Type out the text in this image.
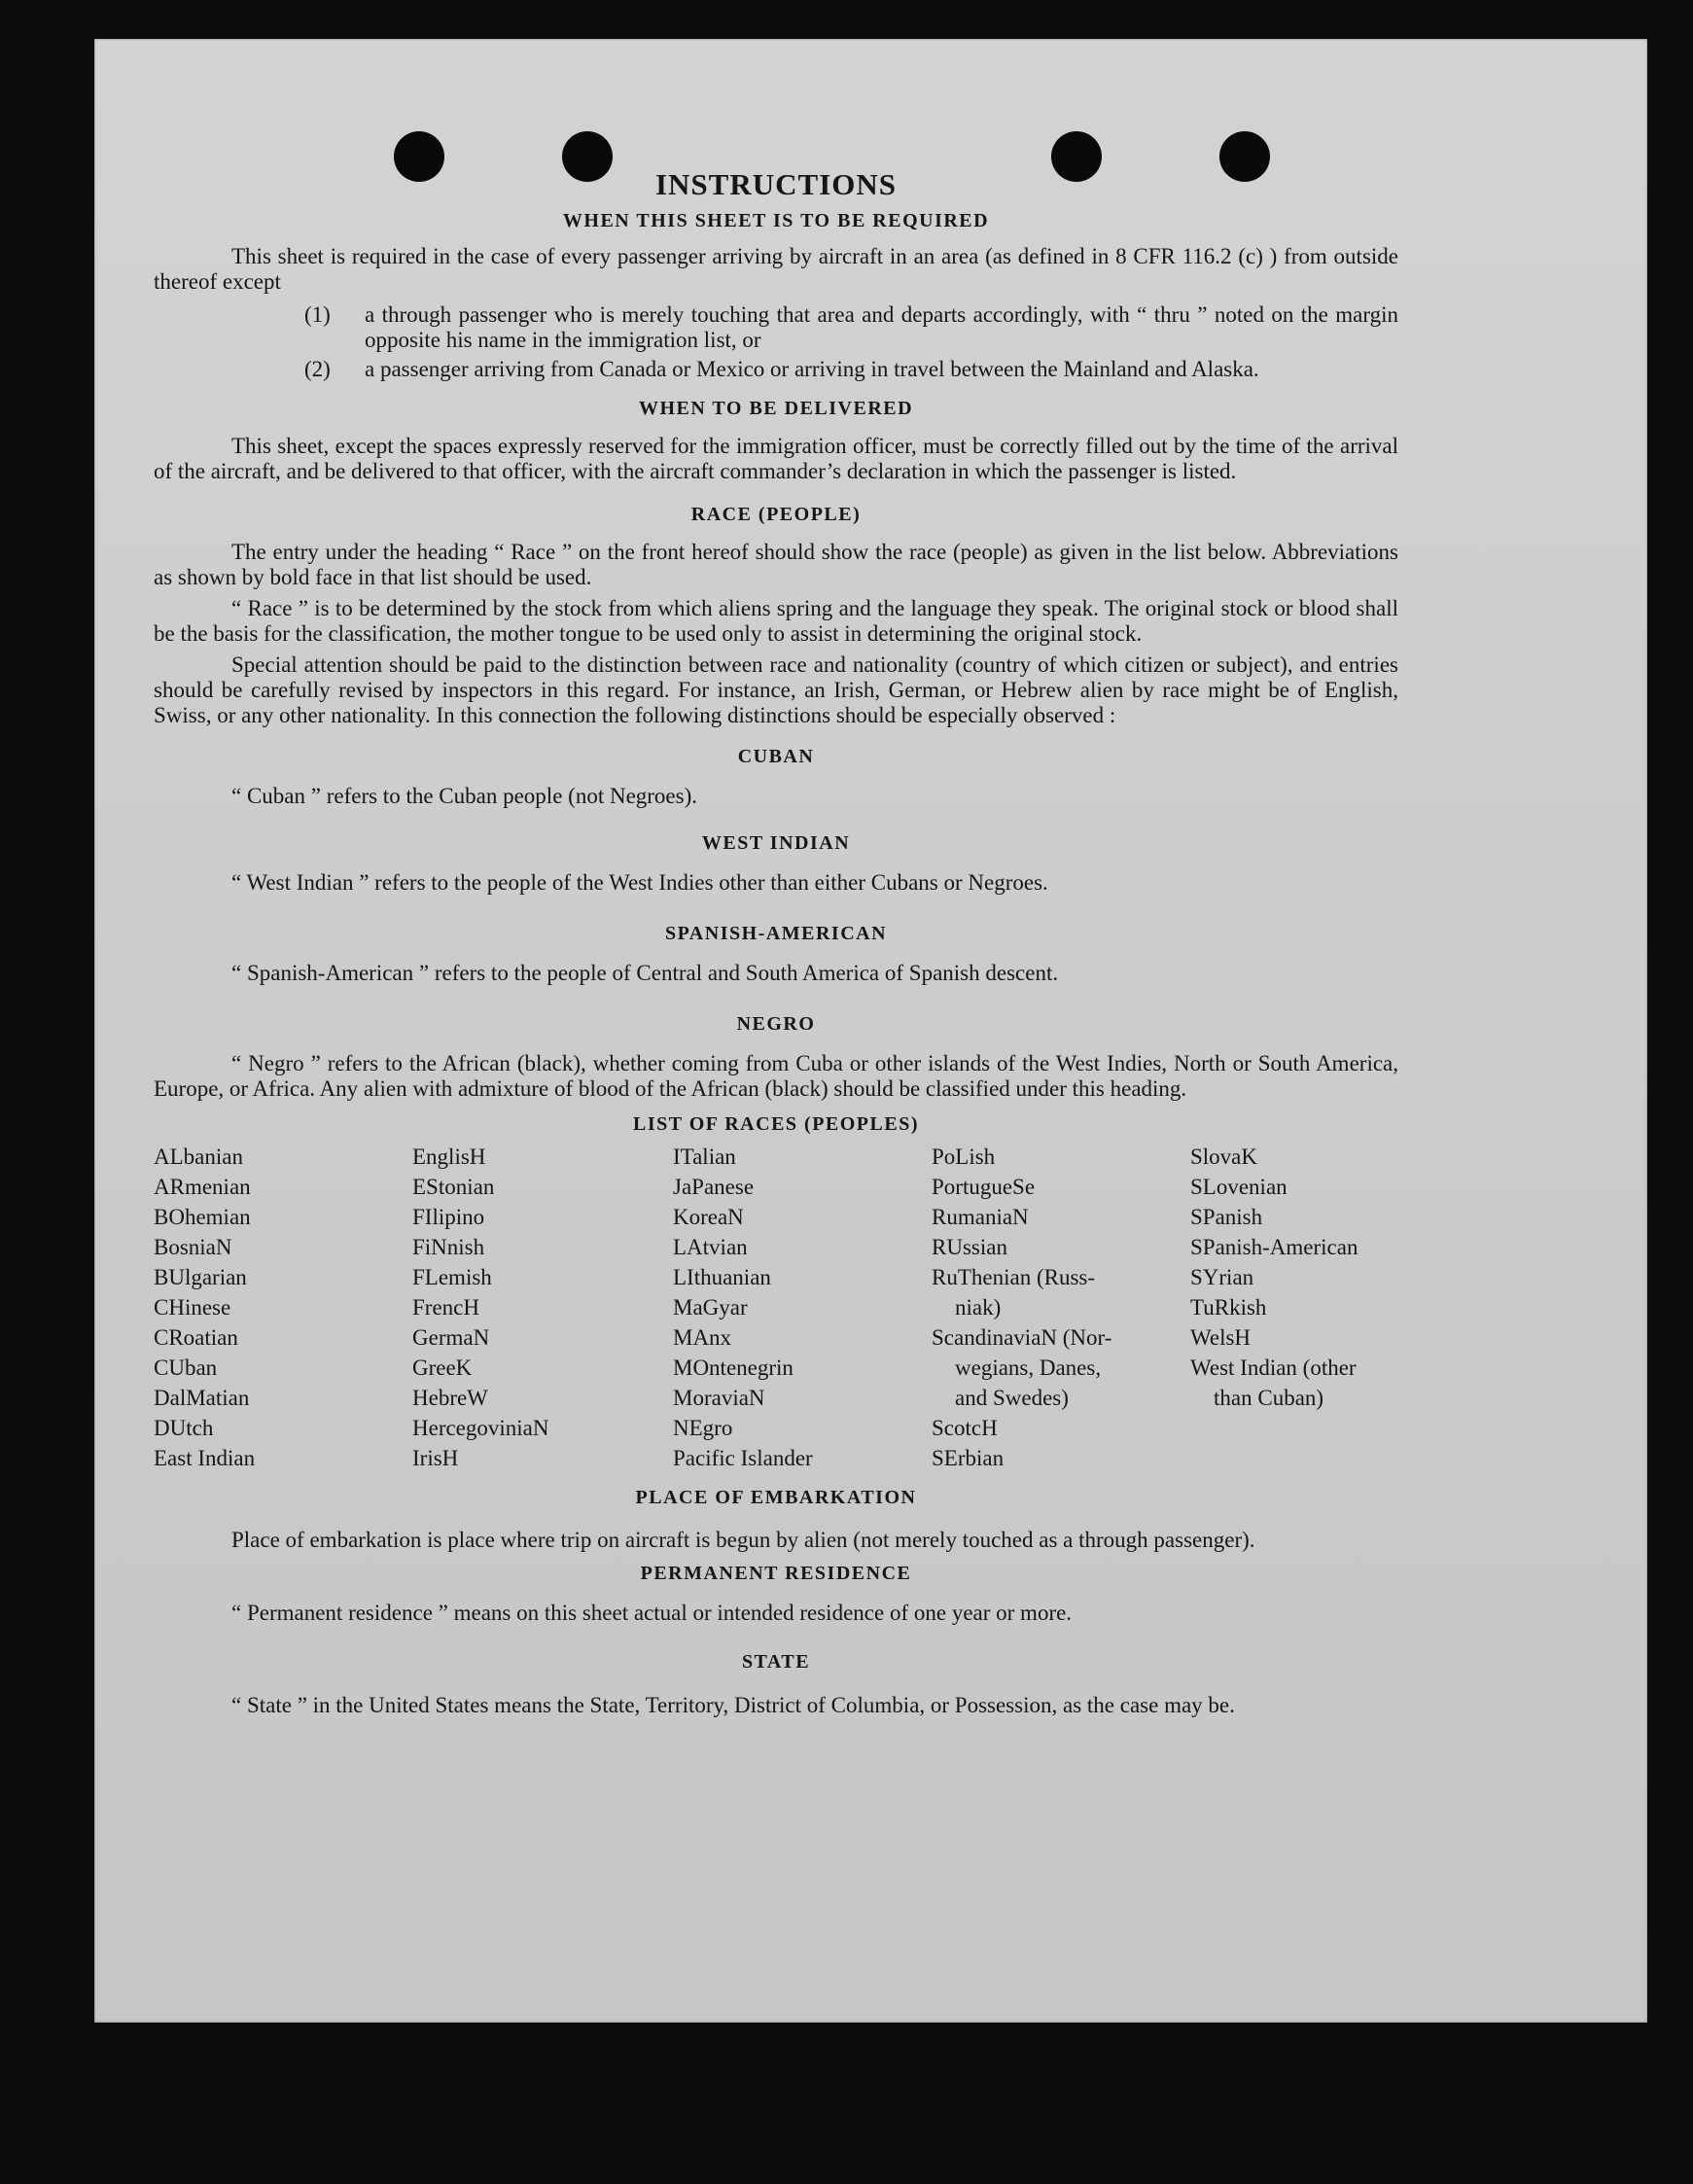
INSTRUCTIONS

WHEN THIS SHEET IS TO BE REQUIRED

This sheet is required in the case of every passenger arriving by aircraft in an area (as defined in 8 CFR 116.2 (c) ) from outside thereof except

(1) a through passenger who is merely touching that area and departs accordingly, with “ thru ” noted on the margin opposite his name in the immigration list, or

(2) a passenger arriving from Canada or Mexico or arriving in travel between the Mainland and Alaska.

WHEN TO BE DELIVERED

This sheet, except the spaces expressly reserved for the immigration officer, must be correctly filled out by the time of the arrival of the aircraft, and be delivered to that officer, with the aircraft commander’s declaration in which the passenger is listed.

RACE (PEOPLE)

The entry under the heading “ Race ” on the front hereof should show the race (people) as given in the list below. Abbreviations as shown by bold face in that list should be used.

“ Race ” is to be determined by the stock from which aliens spring and the language they speak. The original stock or blood shall be the basis for the classification, the mother tongue to be used only to assist in determining the original stock.

Special attention should be paid to the distinction between race and nationality (country of which citizen or subject), and entries should be carefully revised by inspectors in this regard. For instance, an Irish, German, or Hebrew alien by race might be of English, Swiss, or any other nationality. In this connection the following distinctions should be especially observed :

CUBAN

“ Cuban ” refers to the Cuban people (not Negroes).

WEST INDIAN

“ West Indian ” refers to the people of the West Indies other than either Cubans or Negroes.

SPANISH-AMERICAN

“ Spanish-American ” refers to the people of Central and South America of Spanish descent.

NEGRO

“ Negro ” refers to the African (black), whether coming from Cuba or other islands of the West Indies, North or South America, Europe, or Africa. Any alien with admixture of blood of the African (black) should be classified under this heading.

LIST OF RACES (PEOPLES)

ALbanian
ARmenian
BOhemian
BosniaN
BUlgarian
CHinese
CRoatian
CUban
DalMatian
DUtch
East Indian
EnglisH
EStonian
FIlipino
FiNnish
FLemish
FrencH
GermaN
GreeK
HebreW
HercegoviniaN
IrisH
ITalian
JaPanese
KoreaN
LAtvian
LIthuanian
MaGyar
MAnx
MOntenegrin
MoraviaN
NEgro
Pacific Islander
PoLish
PortugueSe
RumaniaN
RUssian
RuThenian (Russ-
niak)
ScandinaviaN (Nor-
wegians, Danes,
and Swedes)
ScotcH
SErbian
SlovaK
SLovenian
SPanish
SPanish-American
SYrian
TuRkish
WelsH
West Indian (other
than Cuban)

PLACE OF EMBARKATION

Place of embarkation is place where trip on aircraft is begun by alien (not merely touched as a through passenger).

PERMANENT RESIDENCE

“ Permanent residence ” means on this sheet actual or intended residence of one year or more.

STATE

“ State ” in the United States means the State, Territory, District of Columbia, or Possession, as the case may be.
